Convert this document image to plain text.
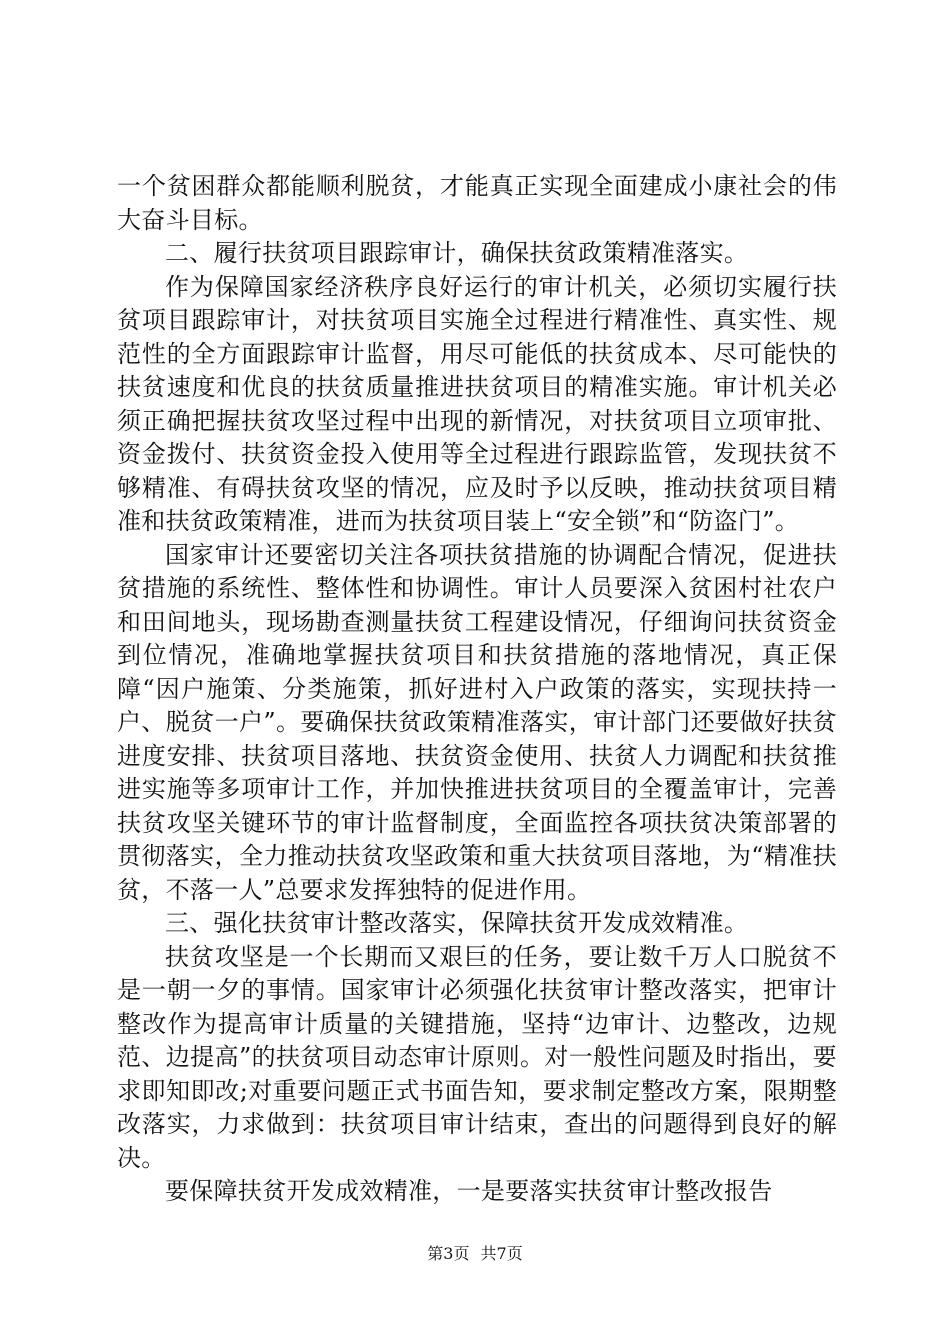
一个贫困群众都能顺利脱贫，才能真正实现全面建成小康社会的伟大奋斗目标。

二、履行扶贫项目跟踪审计，确保扶贫政策精准落实。

作为保障国家经济秩序良好运行的审计机关，必须切实履行扶贫项目跟踪审计，对扶贫项目实施全过程进行精准性、真实性、规范性的全方面跟踪审计监督，用尽可能低的扶贫成本、尽可能快的扶贫速度和优良的扶贫质量推进扶贫项目的精准实施。审计机关必须正确把握扶贫攻坚过程中出现的新情况，对扶贫项目立项审批、资金拨付、扶贫资金投入使用等全过程进行跟踪监管，发现扶贫不够精准、有碍扶贫攻坚的情况，应及时予以反映，推动扶贫项目精准和扶贫政策精准，进而为扶贫项目装上“安全锁”和“防盗门”。

国家审计还要密切关注各项扶贫措施的协调配合情况，促进扶贫措施的系统性、整体性和协调性。审计人员要深入贫困村社农户和田间地头，现场勘查测量扶贫工程建设情况，仔细询问扶贫资金到位情况，准确地掌握扶贫项目和扶贫措施的落地情况，真正保障“因户施策、分类施策，抓好进村入户政策的落实，实现扶持一户、脱贫一户”。要确保扶贫政策精准落实，审计部门还要做好扶贫进度安排、扶贫项目落地、扶贫资金使用、扶贫人力调配和扶贫推进实施等多项审计工作，并加快推进扶贫项目的全覆盖审计，完善扶贫攻坚关键环节的审计监督制度，全面监控各项扶贫决策部署的贯彻落实，全力推动扶贫攻坚政策和重大扶贫项目落地，为“精准扶贫，不落一人”总要求发挥独特的促进作用。

三、强化扶贫审计整改落实，保障扶贫开发成效精准。

扶贫攻坚是一个长期而又艰巨的任务，要让数千万人口脱贫不是一朝一夕的事情。国家审计必须强化扶贫审计整改落实，把审计整改作为提高审计质量的关键措施，坚持“边审计、边整改，边规范、边提高”的扶贫项目动态审计原则。对一般性问题及时指出，要求即知即改;对重要问题正式书面告知，要求制定整改方案，限期整改落实，力求做到：扶贫项目审计结束，查出的问题得到良好的解决。

要保障扶贫开发成效精准，一是要落实扶贫审计整改报告

第3页 共7页
